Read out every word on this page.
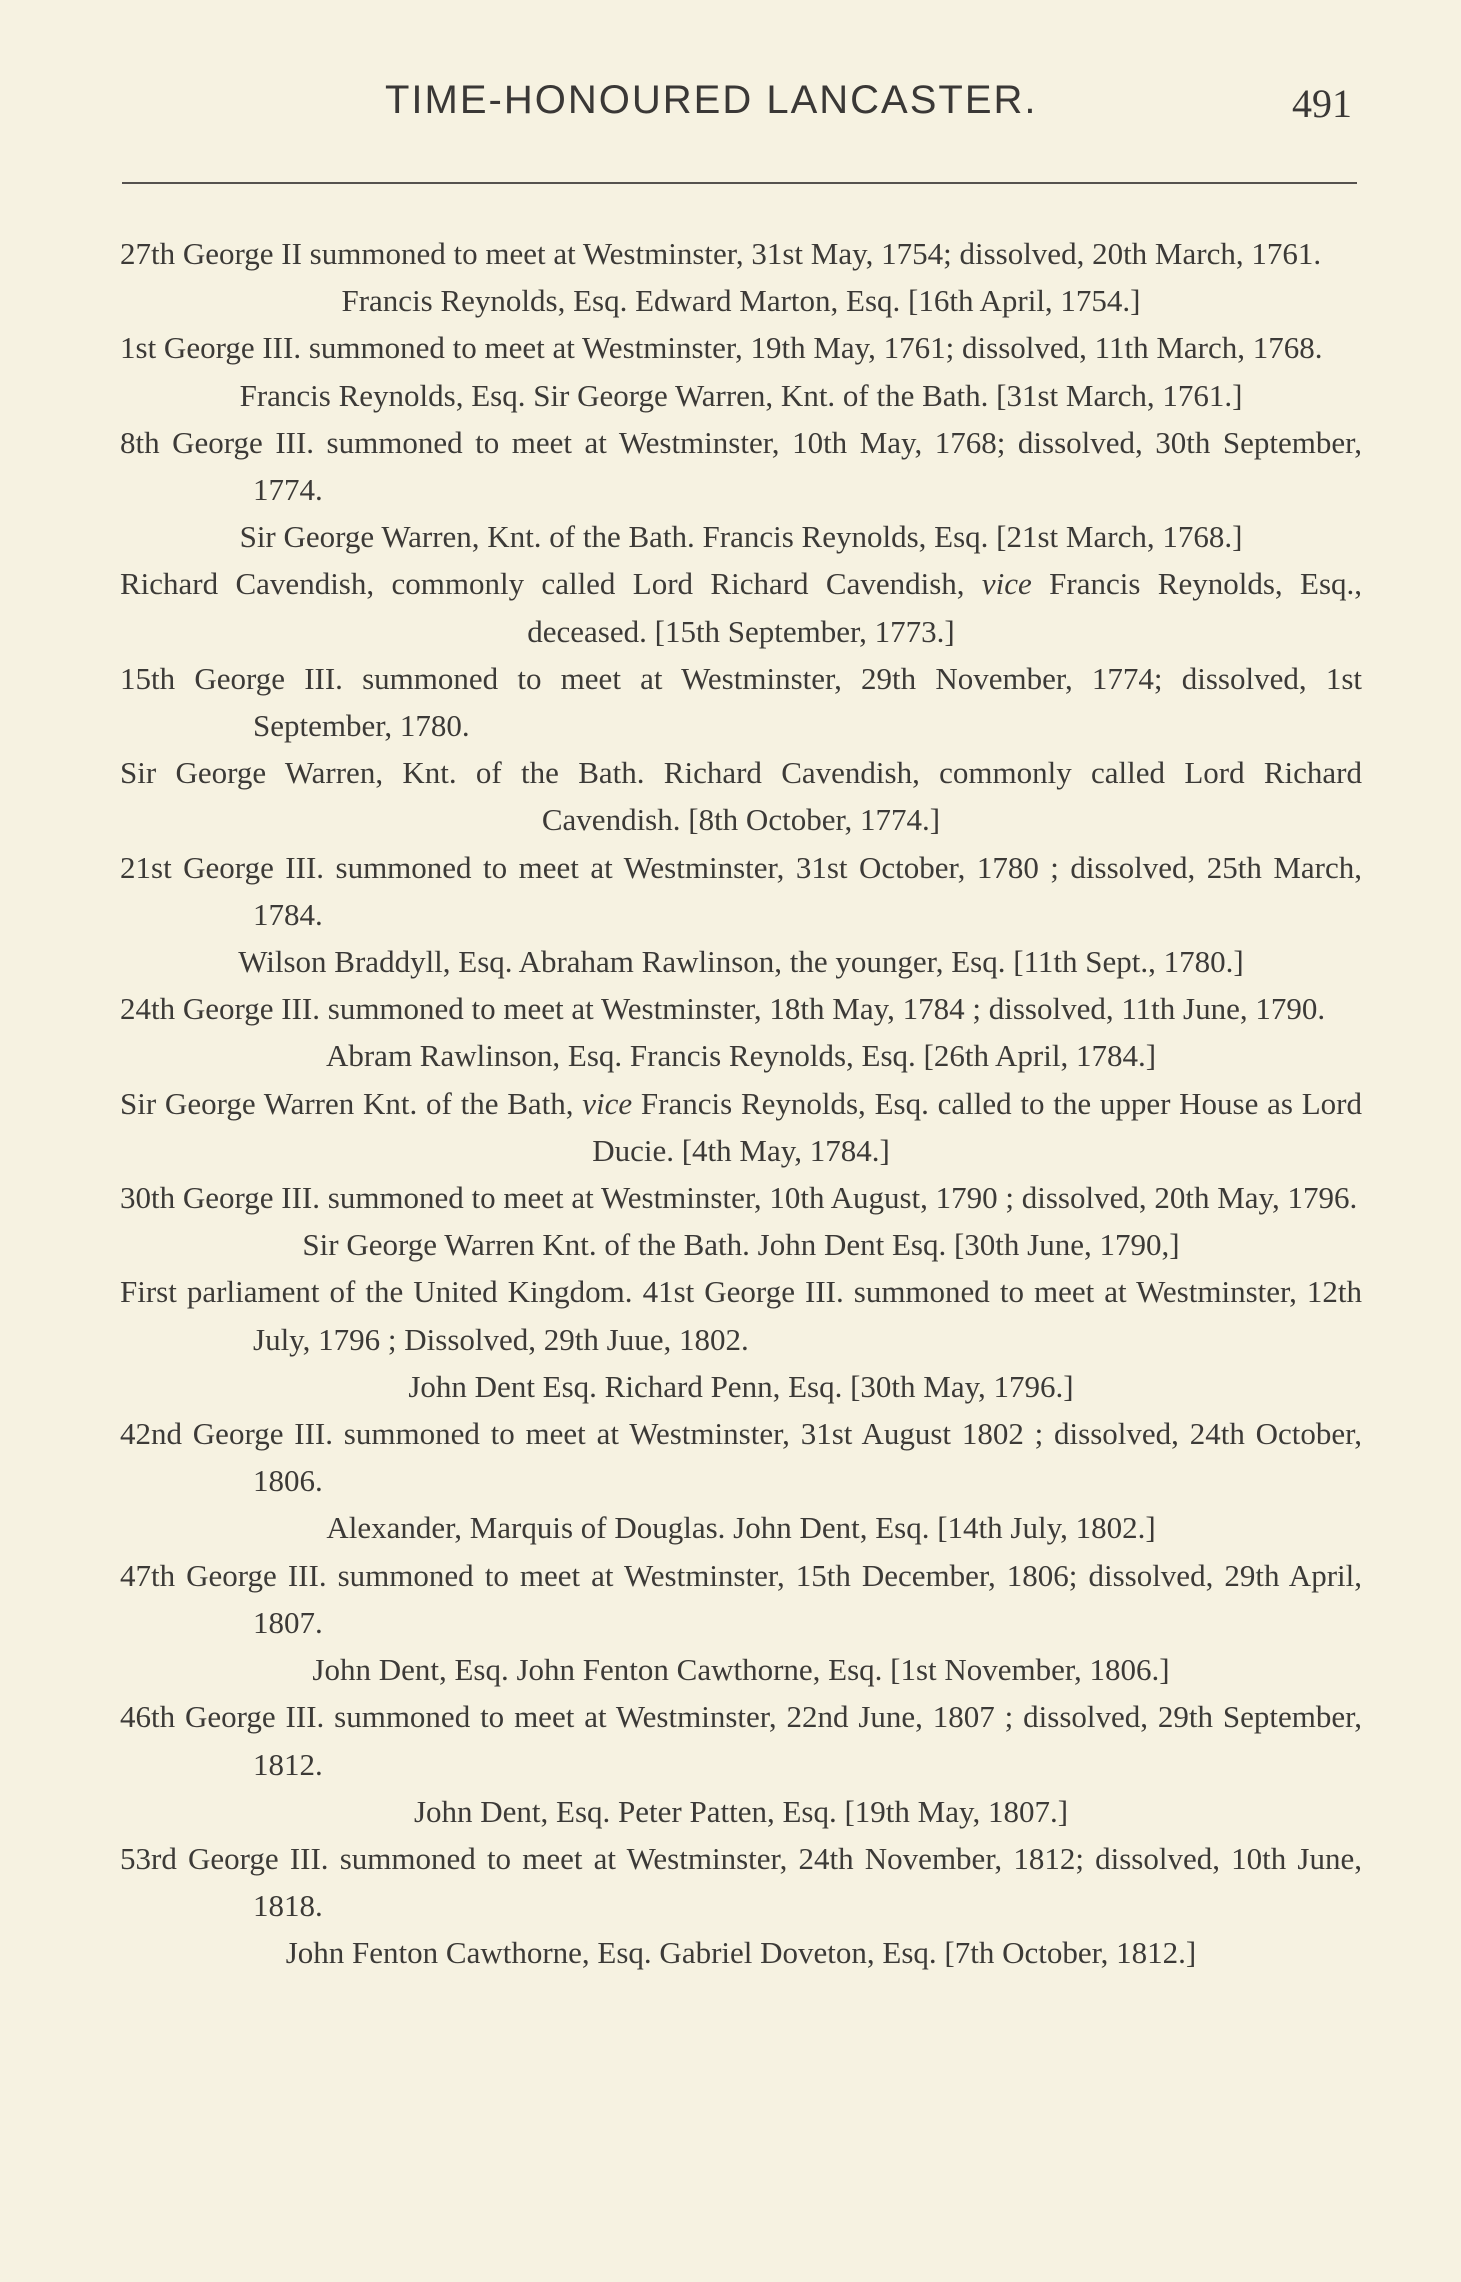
TIME-HONOURED LANCASTER.	491

27th George II summoned to meet at Westminster, 31st May, 1754; dissolved, 20th March, 1761.

Francis Reynolds, Esq. Edward Marton, Esq. [16th April, 1754.]

1st George III. summoned to meet at Westminster, 19th May, 1761; dissolved, 11th March, 1768.

Francis Reynolds, Esq. Sir George Warren, Knt. of the Bath. [31st March, 1761.]

8th George III. summoned to meet at Westminster, 10th May, 1768; dissolved, 30th September, 1774.

Sir George Warren, Knt. of the Bath. Francis Reynolds, Esq. [21st March, 1768.]

Richard Cavendish, commonly called Lord Richard Cavendish, vice Francis Reynolds, Esq., deceased. [15th September, 1773.]

15th George III. summoned to meet at Westminster, 29th November, 1774; dissolved, 1st September, 1780.

Sir George Warren, Knt. of the Bath. Richard Cavendish, commonly called Lord Richard Cavendish. [8th October, 1774.]

21st George III. summoned to meet at Westminster, 31st October, 1780 ; dissolved, 25th March, 1784.

Wilson Braddyll, Esq. Abraham Rawlinson, the younger, Esq. [11th Sept., 1780.]

24th George III. summoned to meet at Westminster, 18th May, 1784 ; dissolved, 11th June, 1790.

Abram Rawlinson, Esq. Francis Reynolds, Esq. [26th April, 1784.]

Sir George Warren Knt. of the Bath, vice Francis Reynolds, Esq. called to the upper House as Lord Ducie. [4th May, 1784.]

30th George III. summoned to meet at Westminster, 10th August, 1790 ; dissolved, 20th May, 1796.

Sir George Warren Knt. of the Bath. John Dent Esq. [30th June, 1790,]

First parliament of the United Kingdom. 41st George III. summoned to meet at Westminster, 12th July, 1796 ; Dissolved, 29th Juue, 1802.

John Dent Esq. Richard Penn, Esq. [30th May, 1796.]

42nd George III. summoned to meet at Westminster, 31st August 1802 ; dissolved, 24th October, 1806.

Alexander, Marquis of Douglas. John Dent, Esq. [14th July, 1802.]

47th George III. summoned to meet at Westminster, 15th December, 1806; dissolved, 29th April, 1807.

John Dent, Esq. John Fenton Cawthorne, Esq. [1st November, 1806.]

46th George III. summoned to meet at Westminster, 22nd June, 1807 ; dissolved, 29th September, 1812.

John Dent, Esq. Peter Patten, Esq. [19th May, 1807.]

53rd George III. summoned to meet at Westminster, 24th November, 1812; dissolved, 10th June, 1818.

John Fenton Cawthorne, Esq. Gabriel Doveton, Esq. [7th October, 1812.]
